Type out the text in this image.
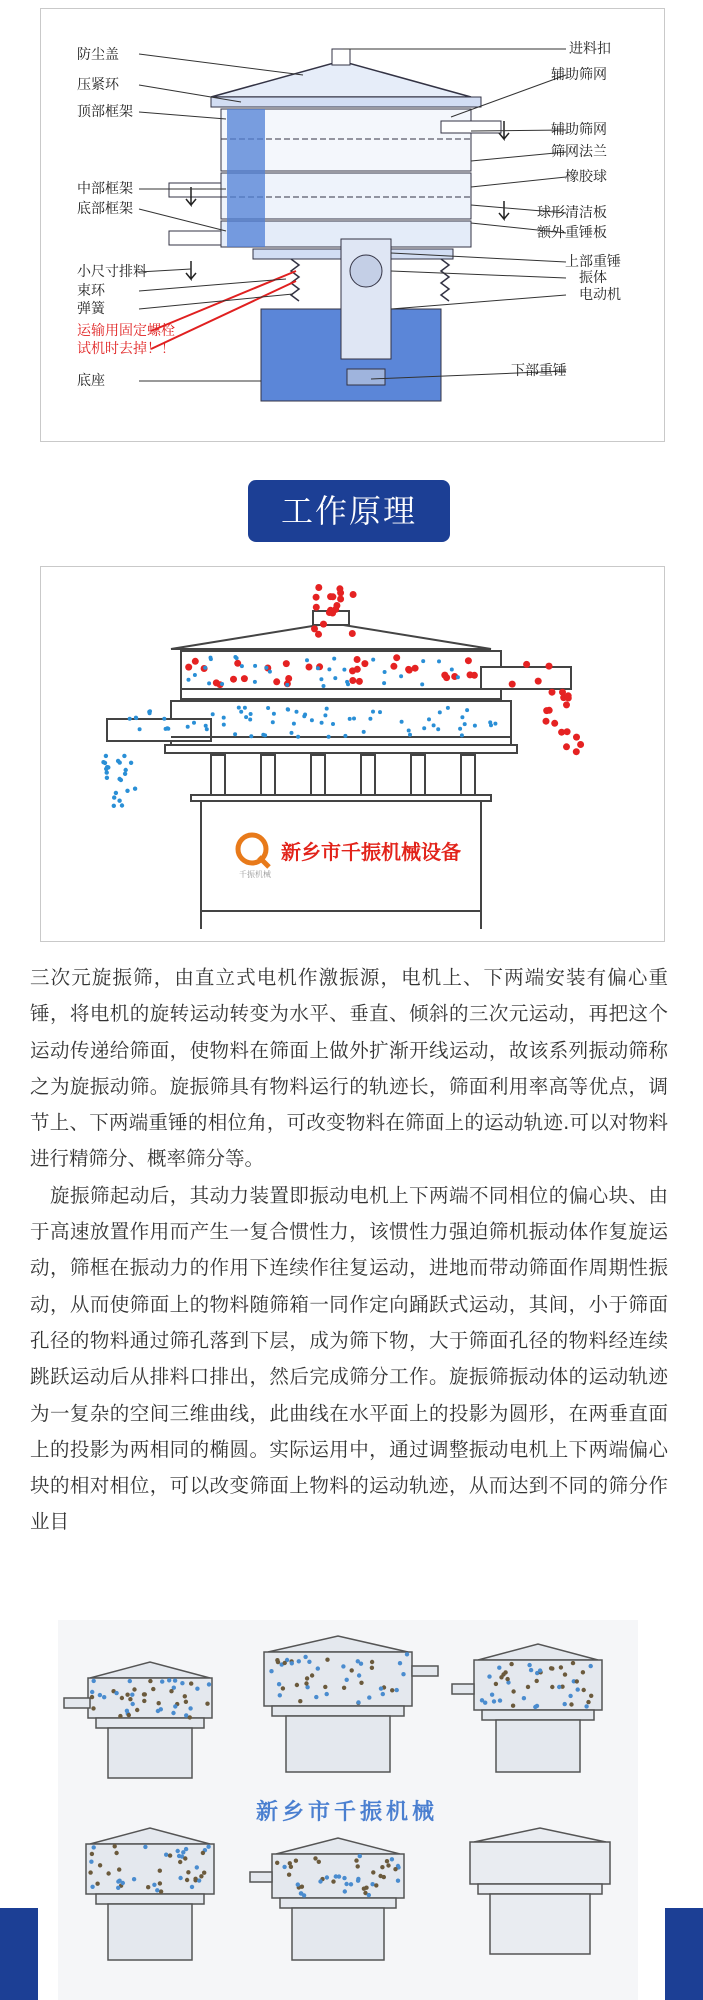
防尘盖
压紧环
顶部框架
中部框架
底部框架
小尺寸排料
束环
弹簧
运输用固定螺栓
试机时去掉！！
底座
进料扣
辅助筛网
辅助筛网
筛网法兰
橡胶球
球形清洁板
额外重锤板
上部重锤
振体
电动机
下部重锤
工作原理
新乡市千振机械设备
千振机械

三次元旋振筛，由直立式电机作激振源，电机上、下两端安装有偏心重锤，将电机的旋转运动转变为水平、垂直、倾斜的三次元运动，再把这个运动传递给筛面，使物料在筛面上做外扩渐开线运动，故该系列振动筛称之为旋振动筛。旋振筛具有物料运行的轨迹长，筛面利用率高等优点，调节上、下两端重锤的相位角，可改变物料在筛面上的运动轨迹.可以对物料进行精筛分、概率筛分等。

旋振筛起动后，其动力装置即振动电机上下两端不同相位的偏心块、由于高速放置作用而产生一复合惯性力，该惯性力强迫筛机振动体作复旋运动，筛框在振动力的作用下连续作往复运动，进地而带动筛面作周期性振动，从而使筛面上的物料随筛箱一同作定向踊跃式运动，其间，小于筛面孔径的物料通过筛孔落到下层，成为筛下物，大于筛面孔径的物料经连续跳跃运动后从排料口排出，然后完成筛分工作。旋振筛振动体的运动轨迹为一复杂的空间三维曲线，此曲线在水平面上的投影为圆形，在两垂直面上的投影为两相同的椭圆。实际运用中，通过调整振动电机上下两端偏心块的相对相位，可以改变筛面上物料的运动轨迹，从而达到不同的筛分作业目

新乡市千振机械
